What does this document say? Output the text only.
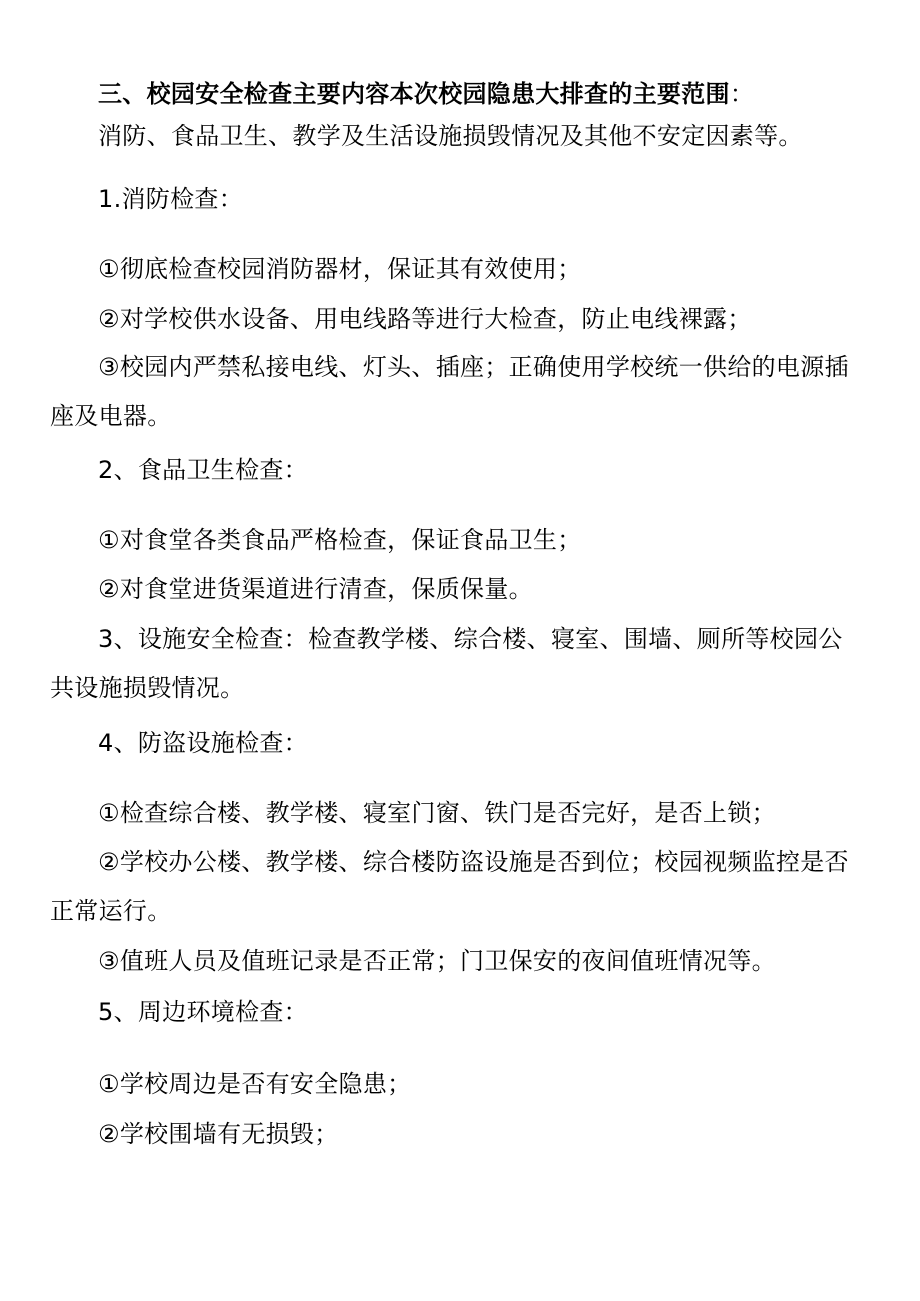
三、校园安全检查主要内容本次校园隐患大排查的主要范围：
消防、食品卫生、教学及生活设施损毁情况及其他不安定因素等。
1.消防检查：
①彻底检查校园消防器材，保证其有效使用；
②对学校供水设备、用电线路等进行大检查，防止电线裸露；
③校园内严禁私接电线、灯头、插座；正确使用学校统一供给的电源插
座及电器。
2、食品卫生检查：
①对食堂各类食品严格检查，保证食品卫生；
②对食堂进货渠道进行清查，保质保量。
3、设施安全检查：检查教学楼、综合楼、寝室、围墙、厕所等校园公
共设施损毁情况。
4、防盗设施检查：
①检查综合楼、教学楼、寝室门窗、铁门是否完好，是否上锁；
②学校办公楼、教学楼、综合楼防盗设施是否到位；校园视频监控是否
正常运行。
③值班人员及值班记录是否正常；门卫保安的夜间值班情况等。
5、周边环境检查：
①学校周边是否有安全隐患；
②学校围墙有无损毁；
